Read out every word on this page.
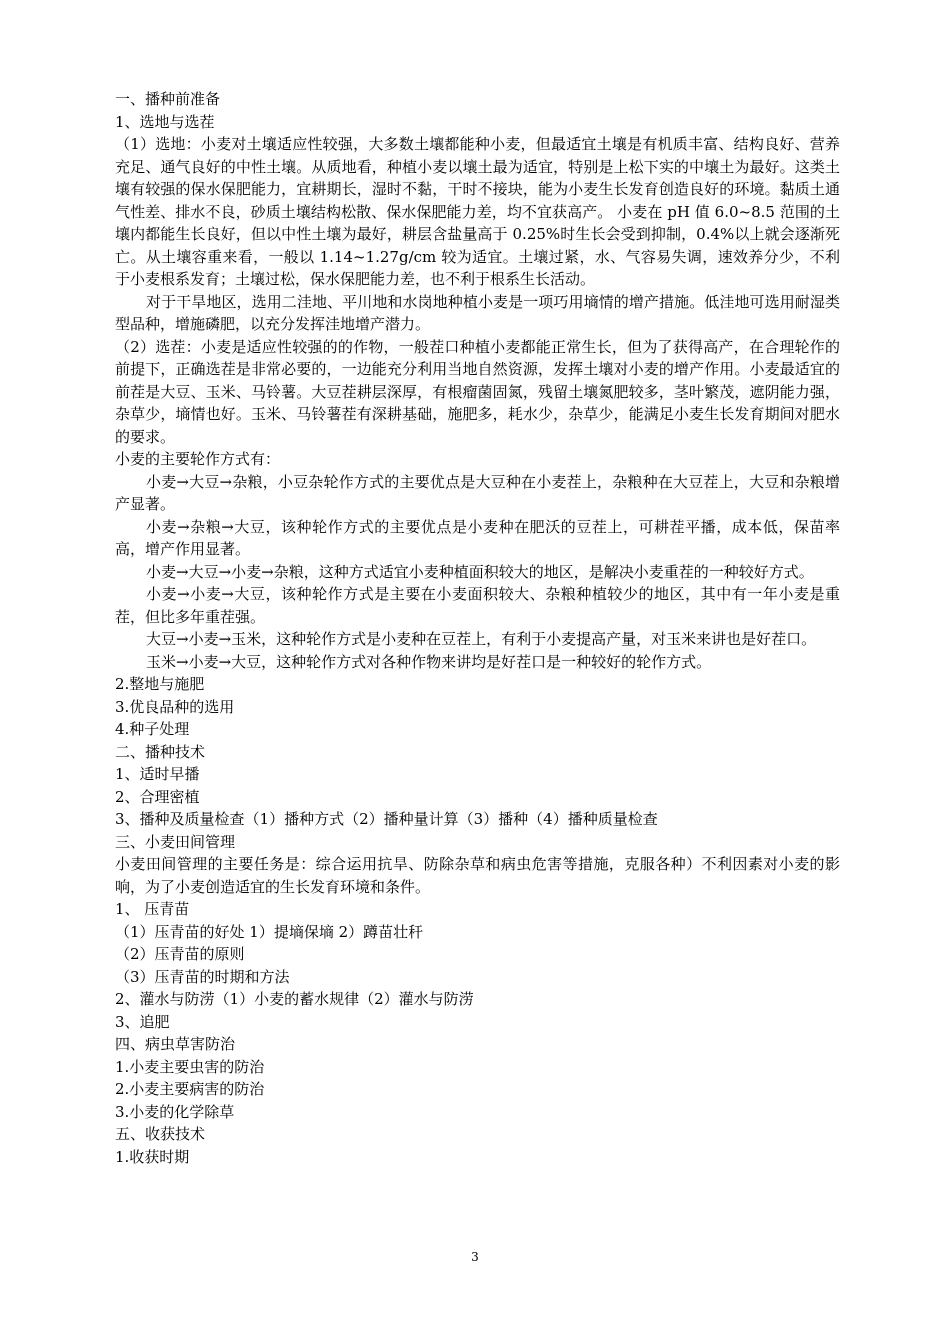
一、播种前准备

1、选地与选茬

（1）选地：小麦对土壤适应性较强，大多数土壤都能种小麦，但最适宜土壤是有机质丰富、结构良好、营养充足、通气良好的中性土壤。从质地看，种植小麦以壤土最为适宜，特别是上松下实的中壤土为最好。这类土壤有较强的保水保肥能力，宜耕期长，湿时不黏，干时不接块，能为小麦生长发育创造良好的环境。黏质土通气性差、排水不良，砂质土壤结构松散、保水保肥能力差，均不宜获高产。 小麦在 pH 值 6.0~8.5 范围的土壤内都能生长良好，但以中性土壤为最好，耕层含盐量高于 0.25%时生长会受到抑制，0.4%以上就会逐渐死亡。从土壤容重来看，一般以 1.14~1.27g/cm 较为适宜。土壤过紧，水、气容易失调，速效养分少，不利于小麦根系发育；土壤过松，保水保肥能力差，也不利于根系生长活动。

对于干旱地区，选用二洼地、平川地和水岗地种植小麦是一项巧用墒情的增产措施。低洼地可选用耐湿类型品种，增施磷肥，以充分发挥洼地增产潜力。

（2）选茬：小麦是适应性较强的的作物，一般茬口种植小麦都能正常生长，但为了获得高产，在合理轮作的前提下，正确选茬是非常必要的，一边能充分利用当地自然资源，发挥土壤对小麦的增产作用。小麦最适宜的前茬是大豆、玉米、马铃薯。大豆茬耕层深厚，有根瘤菌固氮，残留土壤氮肥较多，茎叶繁茂，遮阴能力强，杂草少，墒情也好。玉米、马铃薯茬有深耕基础，施肥多，耗水少，杂草少，能满足小麦生长发育期间对肥水的要求。

小麦的主要轮作方式有：

小麦→大豆→杂粮，小豆杂轮作方式的主要优点是大豆种在小麦茬上，杂粮种在大豆茬上，大豆和杂粮增产显著。

小麦→杂粮→大豆，该种轮作方式的主要优点是小麦种在肥沃的豆茬上，可耕茬平播，成本低，保苗率高，增产作用显著。

小麦→大豆→小麦→杂粮，这种方式适宜小麦种植面积较大的地区，是解决小麦重茬的一种较好方式。

小麦→小麦→大豆，该种轮作方式是主要在小麦面积较大、杂粮种植较少的地区，其中有一年小麦是重茬，但比多年重茬强。

大豆→小麦→玉米，这种轮作方式是小麦种在豆茬上，有利于小麦提高产量，对玉米来讲也是好茬口。

玉米→小麦→大豆，这种轮作方式对各种作物来讲均是好茬口是一种较好的轮作方式。

2.整地与施肥

3.优良品种的选用

4.种子处理

二、播种技术

1、适时早播

2、合理密植

3、播种及质量检查（1）播种方式（2）播种量计算（3）播种（4）播种质量检查

三、小麦田间管理

小麦田间管理的主要任务是：综合运用抗旱、防除杂草和病虫危害等措施，克服各种）不利因素对小麦的影响，为了小麦创造适宜的生长发育环境和条件。

1、 压青苗

（1）压青苗的好处 1）提墒保墒 2）蹲苗壮秆

（2）压青苗的原则

（3）压青苗的时期和方法

2、灌水与防涝（1）小麦的蓄水规律（2）灌水与防涝

3、追肥

四、病虫草害防治

1.小麦主要虫害的防治

2.小麦主要病害的防治

3.小麦的化学除草

五、收获技术

1.收获时期

3
